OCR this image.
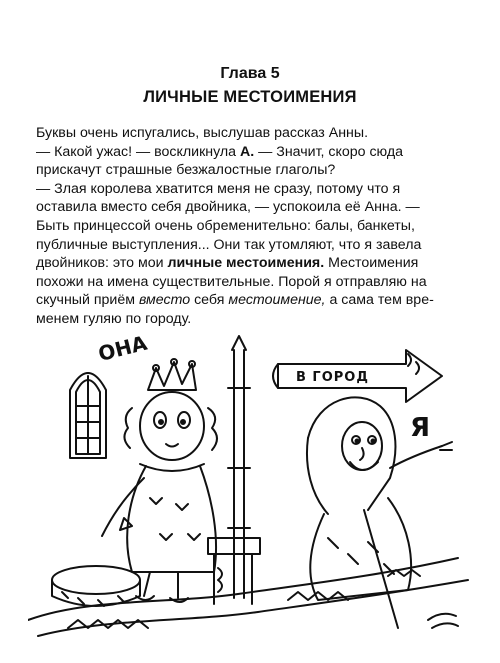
Глава 5
ЛИЧНЫЕ МЕСТОИМЕНИЯ

Буквы очень испугались, выслушав рассказ Анны.

— Какой ужас! — воскликнула А. — Значит, скоро сюда

прискачут страшные безжалостные глаголы?

— Злая королева хватится меня не сразу, потому что я

оставила вместо себя двойника, — успокоила её Анна. —

Быть принцессой очень обременительно: балы, банкеты,

публичные выступления... Они так утомляют, что я завела

двойников: это мои личные местоимения. Местоимения

похожи на имена существительные. Порой я отправляю на

скучный приём вместо себя местоимение, а сама тем вре-

менем гуляю по городу.

ОНА
В ГОРОД
Я
